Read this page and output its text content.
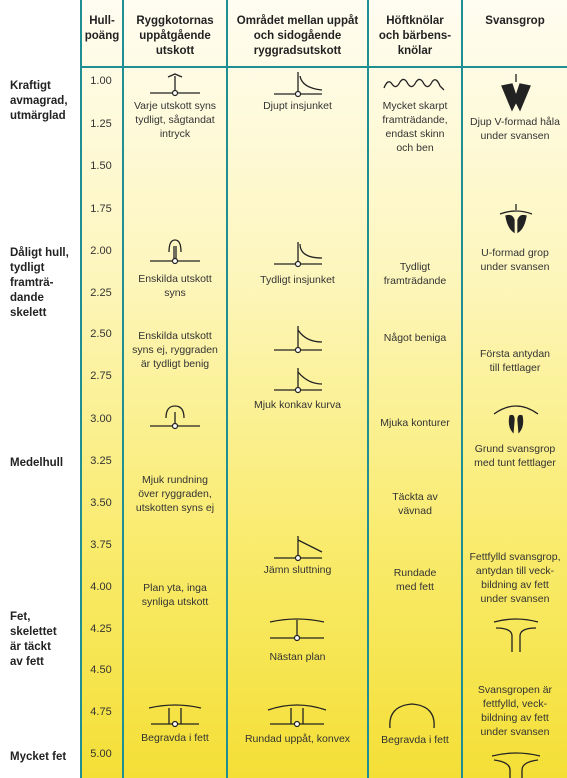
Hull-
poäng
Ryggkotornas
uppåtgående
utskott
Området mellan uppåt
och sidogående
ryggradsutskott
Höftknölar
och bärbens-
knölar
Svansgrop
Kraftigt
avmagrad,
utmärglad
Dåligt hull,
tydligt
framträ-
dande
skelett
Medelhull
Fet,
skelettet
är täckt
av fett
Mycket fet
1.00
1.25
1.50
1.75
2.00
2.25
2.50
2.75
3.00
3.25
3.50
3.75
4.00
4.25
4.50
4.75
5.00
Varje utskott syns
tydligt, sågtandat
intryck
Enskilda utskott
syns
Enskilda utskott
syns ej, ryggraden
är tydligt benig
Mjuk rundning
över ryggraden,
utskotten syns ej
Plan yta, inga
synliga utskott
Begravda i fett
Djupt insjunket
Tydligt insjunket
Mjuk konkav kurva
Jämn sluttning
Nästan plan
Rundad uppåt, konvex
Mycket skarpt
framträdande,
endast skinn
och ben
Tydligt
framträdande
Något beniga
Mjuka konturer
Täckta av
vävnad
Rundade
med fett
Begravda i fett
Djup V-formad håla
under svansen
U-formad grop
under svansen
Första antydan
till fettlager
Grund svansgrop
med tunt fettlager
Fettfylld svansgrop,
antydan till veck-
bildning av fett
under svansen
Svansgropen är
fettfylld, veck-
bildning av fett
under svansen
